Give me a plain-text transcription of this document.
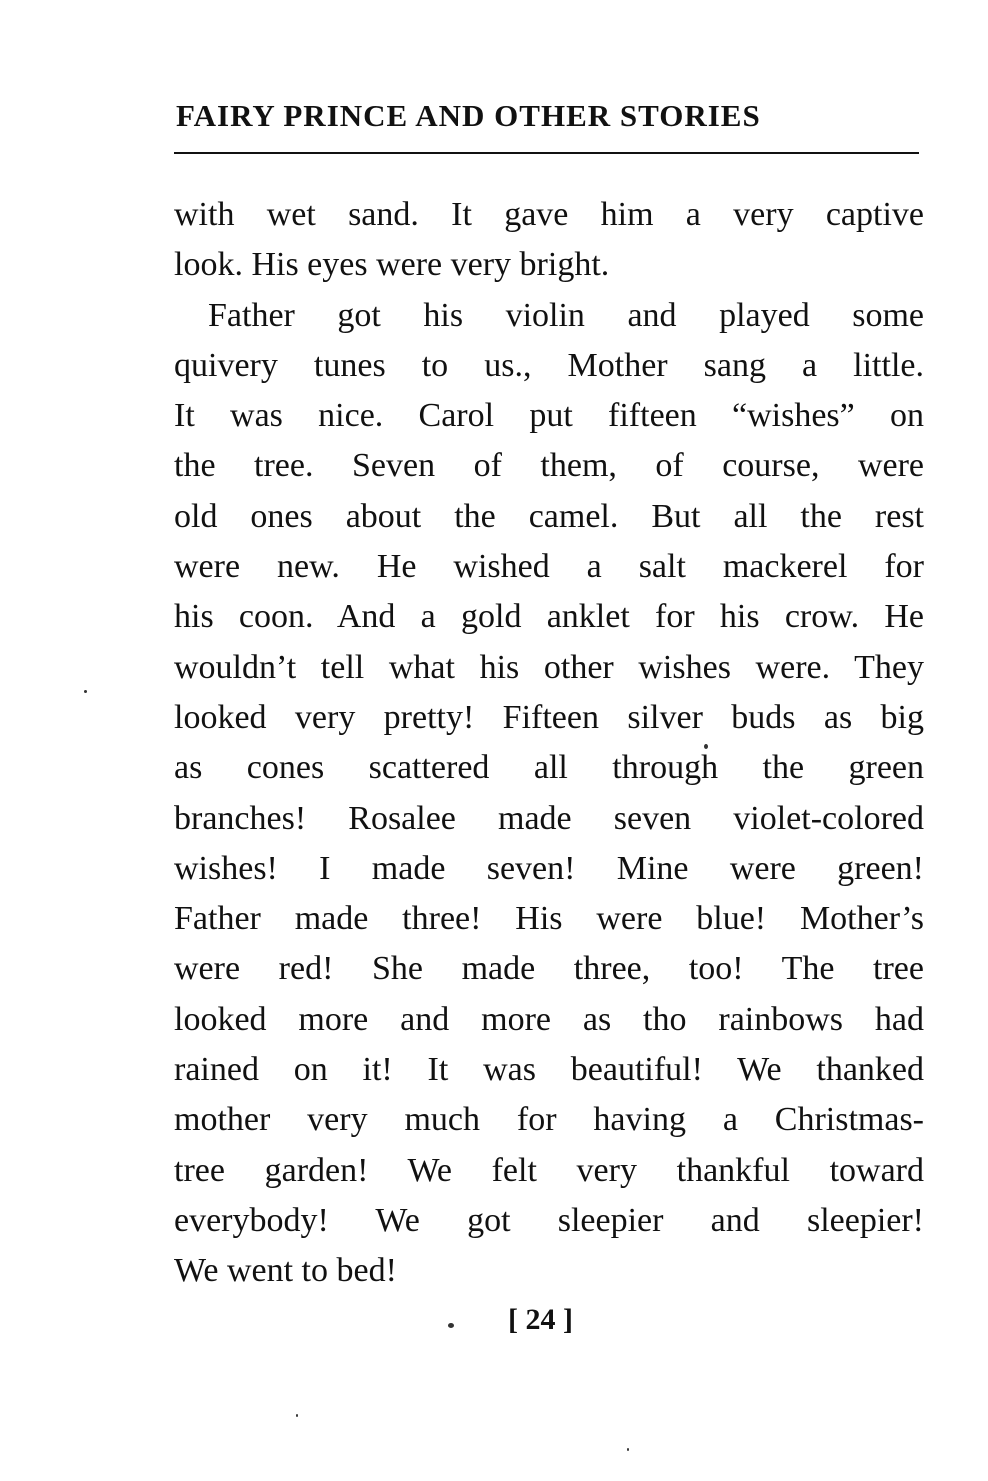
FAIRY PRINCE AND OTHER STORIES
with wet sand. It gave him a very captive
look. His eyes were very bright.
Father got his violin and played some
quivery tunes to us., Mother sang a little.
It was nice. Carol put fifteen “wishes” on
the tree. Seven of them, of course, were
old ones about the camel. But all the rest
were new. He wished a salt mackerel for
his coon. And a gold anklet for his crow. He
wouldn’t tell what his other wishes were. They
looked very pretty! Fifteen silver buds as big
as cones scattered all through the green
branches! Rosalee made seven violet-colored
wishes! I made seven! Mine were green!
Father made three! His were blue! Mother’s
were red! She made three, too! The tree
looked more and more as tho rainbows had
rained on it! It was beautiful! We thanked
mother very much for having a Christmas-
tree garden! We felt very thankful toward
everybody! We got sleepier and sleepier!
We went to bed!
[ 24 ]
